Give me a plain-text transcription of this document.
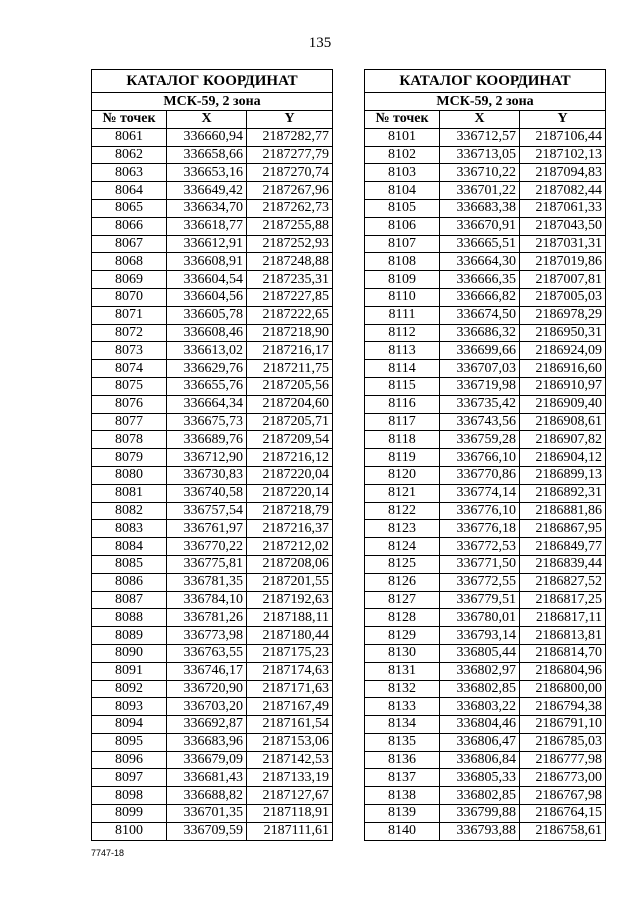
135
КАТАЛОГ КООРДИНАТ		
МСК-59, 2 зона		
№ точек	X	Y
8061	336660,94	2187282,77
8062	336658,66	2187277,79
8063	336653,16	2187270,74
8064	336649,42	2187267,96
8065	336634,70	2187262,73
8066	336618,77	2187255,88
8067	336612,91	2187252,93
8068	336608,91	2187248,88
8069	336604,54	2187235,31
8070	336604,56	2187227,85
8071	336605,78	2187222,65
8072	336608,46	2187218,90
8073	336613,02	2187216,17
8074	336629,76	2187211,75
8075	336655,76	2187205,56
8076	336664,34	2187204,60
8077	336675,73	2187205,71
8078	336689,76	2187209,54
8079	336712,90	2187216,12
8080	336730,83	2187220,04
8081	336740,58	2187220,14
8082	336757,54	2187218,79
8083	336761,97	2187216,37
8084	336770,22	2187212,02
8085	336775,81	2187208,06
8086	336781,35	2187201,55
8087	336784,10	2187192,63
8088	336781,26	2187188,11
8089	336773,98	2187180,44
8090	336763,55	2187175,23
8091	336746,17	2187174,63
8092	336720,90	2187171,63
8093	336703,20	2187167,49
8094	336692,87	2187161,54
8095	336683,96	2187153,06
8096	336679,09	2187142,53
8097	336681,43	2187133,19
8098	336688,82	2187127,67
8099	336701,35	2187118,91
8100	336709,59	2187111,61
КАТАЛОГ КООРДИНАТ		
МСК-59, 2 зона		
№ точек	X	Y
8101	336712,57	2187106,44
8102	336713,05	2187102,13
8103	336710,22	2187094,83
8104	336701,22	2187082,44
8105	336683,38	2187061,33
8106	336670,91	2187043,50
8107	336665,51	2187031,31
8108	336664,30	2187019,86
8109	336666,35	2187007,81
8110	336666,82	2187005,03
8111	336674,50	2186978,29
8112	336686,32	2186950,31
8113	336699,66	2186924,09
8114	336707,03	2186916,60
8115	336719,98	2186910,97
8116	336735,42	2186909,40
8117	336743,56	2186908,61
8118	336759,28	2186907,82
8119	336766,10	2186904,12
8120	336770,86	2186899,13
8121	336774,14	2186892,31
8122	336776,10	2186881,86
8123	336776,18	2186867,95
8124	336772,53	2186849,77
8125	336771,50	2186839,44
8126	336772,55	2186827,52
8127	336779,51	2186817,25
8128	336780,01	2186817,11
8129	336793,14	2186813,81
8130	336805,44	2186814,70
8131	336802,97	2186804,96
8132	336802,85	2186800,00
8133	336803,22	2186794,38
8134	336804,46	2186791,10
8135	336806,47	2186785,03
8136	336806,84	2186777,98
8137	336805,33	2186773,00
8138	336802,85	2186767,98
8139	336799,88	2186764,15
8140	336793,88	2186758,61
7747-18
